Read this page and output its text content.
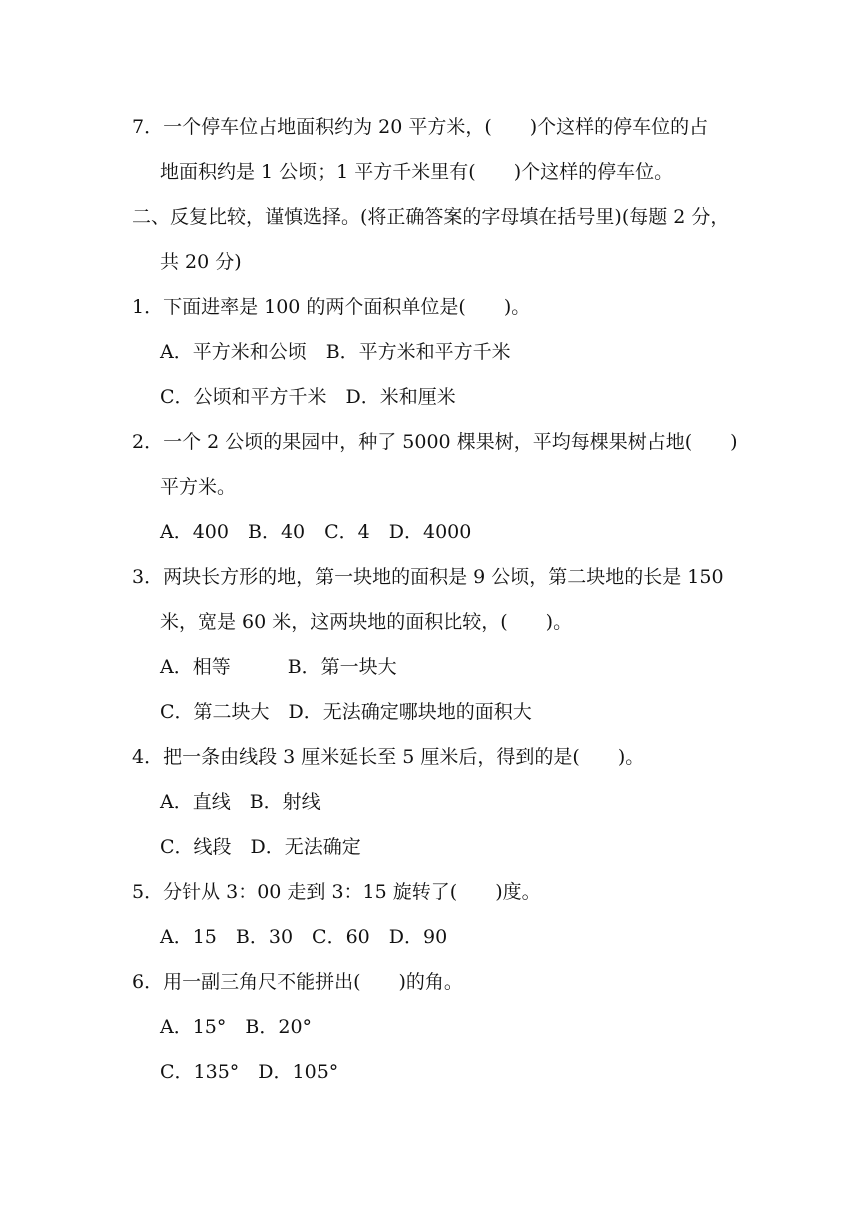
7．一个停车位占地面积约为 20 平方米，(　　)个这样的停车位的占
地面积约是 1 公顷；1 平方千米里有(　　)个这样的停车位。
二、反复比较，谨慎选择。(将正确答案的字母填在括号里)(每题 2 分，
共 20 分)
1．下面进率是 100 的两个面积单位是(　　)。
A．平方米和公顷　B．平方米和平方千米
C．公顷和平方千米　D．米和厘米
2．一个 2 公顷的果园中，种了 5000 棵果树，平均每棵果树占地(　　)
平方米。
A．400　B．40　C．4　D．4000
3．两块长方形的地，第一块地的面积是 9 公顷，第二块地的长是 150
米，宽是 60 米，这两块地的面积比较，(　　)。
A．相等　　　B．第一块大
C．第二块大　D．无法确定哪块地的面积大
4．把一条由线段 3 厘米延长至 5 厘米后，得到的是(　　)。
A．直线　B．射线
C．线段　D．无法确定
5．分针从 3：00 走到 3：15 旋转了(　　)度。
A．15　B．30　C．60　D．90
6．用一副三角尺不能拼出(　　)的角。
A．15°　B．20°
C．135°　D．105°
